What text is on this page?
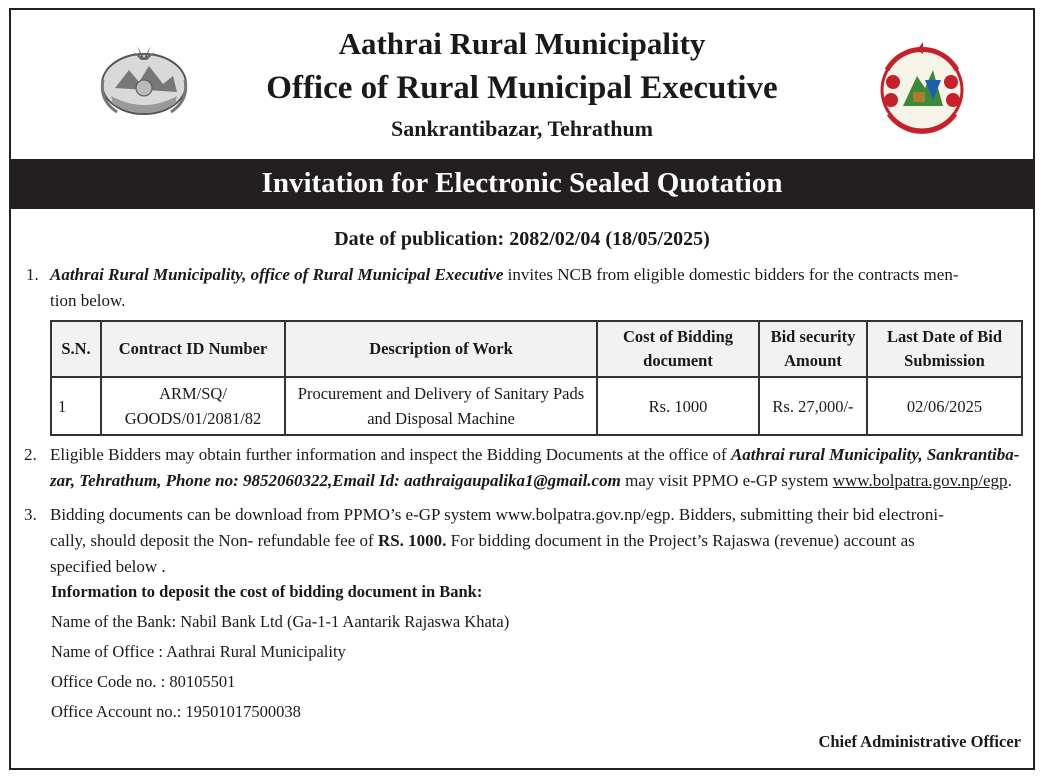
Aathrai Rural Municipality
Office of Rural Municipal Executive
Sankrantibazar, Tehrathum
Invitation for Electronic Sealed Quotation
Date of publication: 2082/02/04 (18/05/2025)
1. Aathrai Rural Municipality, office of Rural Municipal Executive invites NCB from eligible domestic bidders for the contracts men-
tion below.
S.N.	Contract ID Number	Description of Work	Cost of Bidding document	Bid security Amount	Last Date of Bid Submission
1	ARM/SQ/ GOODS/01/2081/82	Procurement and Delivery of Sanitary Pads and Disposal Machine	Rs. 1000	Rs. 27,000/-	02/06/2025
2. Eligible Bidders may obtain further information and inspect the Bidding Documents at the office of Aathrai rural Municipality, Sankrantiba-
zar, Tehrathum, Phone no: 9852060322,Email Id: aathraigaupalika1@gmail.com may visit PPMO e-GP system www.bolpatra.gov.np/egp.
3. Bidding documents can be download from PPMO’s e-GP system www.bolpatra.gov.np/egp. Bidders, submitting their bid electroni-
cally, should deposit the Non- refundable fee of RS. 1000. For bidding document in the Project’s Rajaswa (revenue) account as
specified below .
Information to deposit the cost of bidding document in Bank:
Name of the Bank: Nabil Bank Ltd (Ga-1-1 Aantarik Rajaswa Khata)
Name of Office : Aathrai Rural Municipality
Office Code no. : 80105501
Office Account no.: 19501017500038
Chief Administrative Officer
